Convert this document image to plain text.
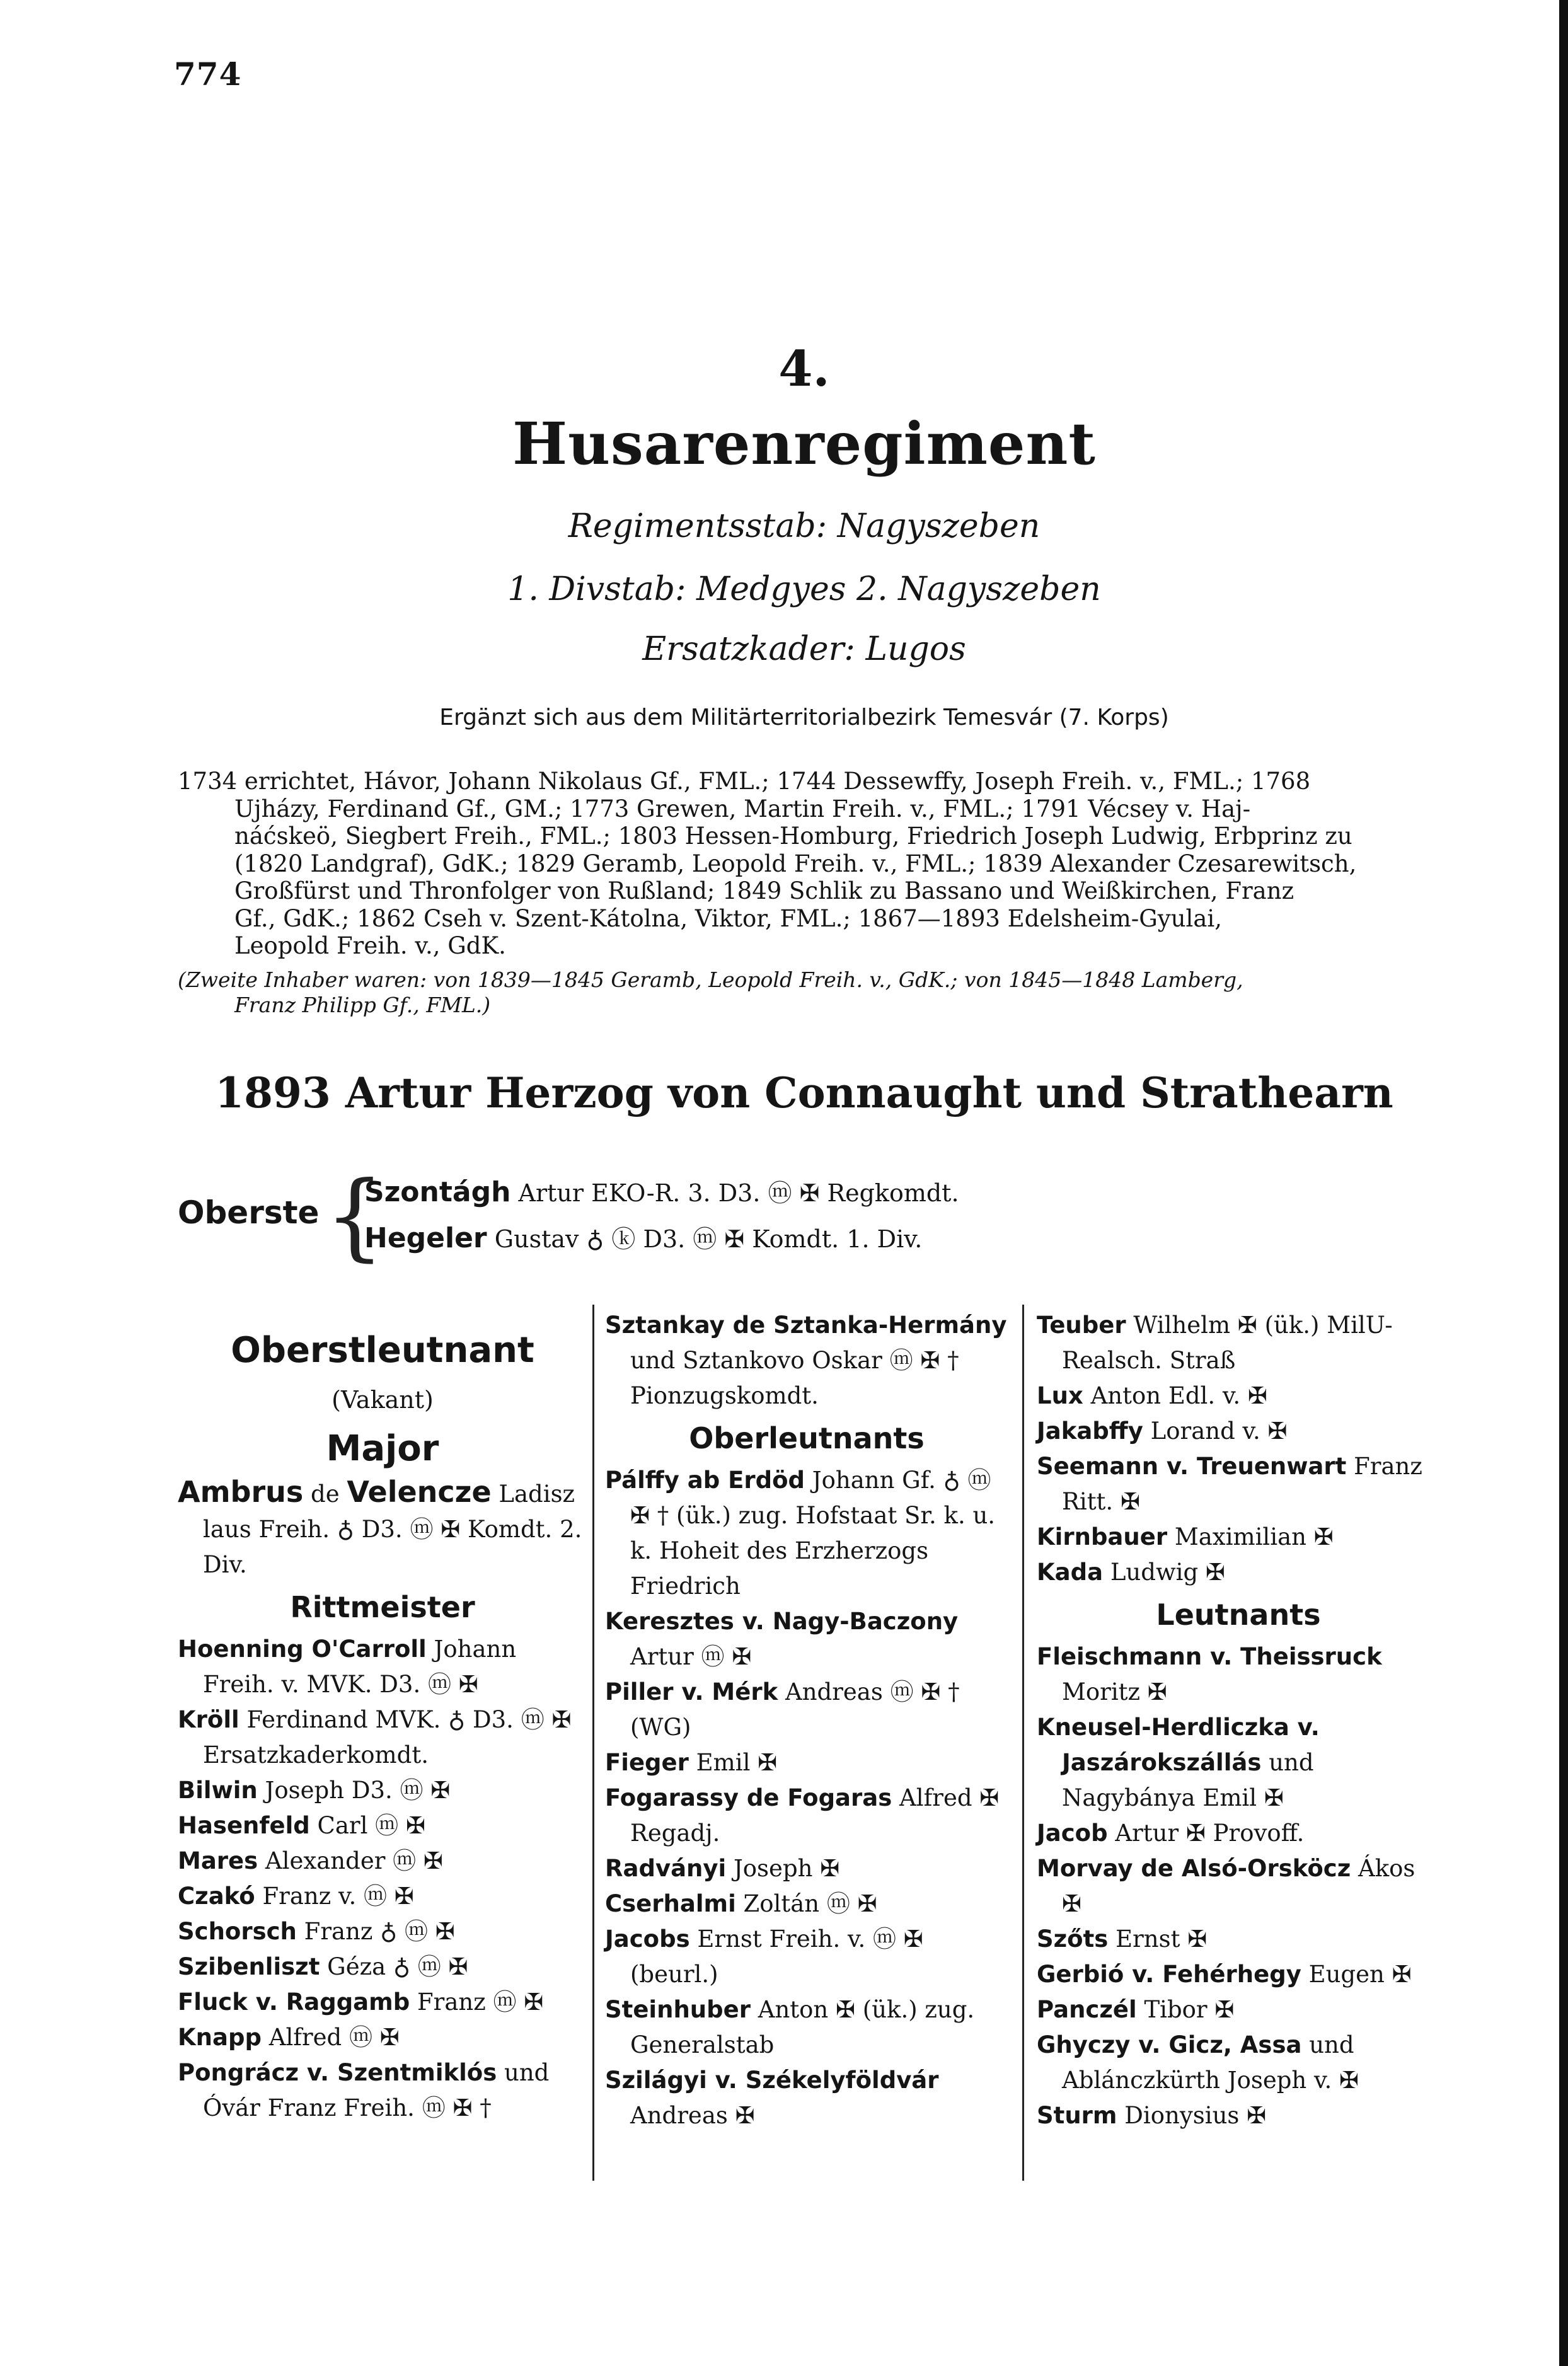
774
4.
Husarenregiment
Regimentsstab: Nagyszeben
1. Divstab: Medgyes 2. Nagyszeben
Ersatzkader: Lugos
Ergänzt sich aus dem Militärterritorialbezirk Temesvár (7. Korps)
1734 errichtet, Hávor, Johann Nikolaus Gf., FML.; 1744 Dessewffy, Joseph Freih. v., FML.; 1768
Ujházy, Ferdinand Gf., GM.; 1773 Grewen, Martin Freih. v., FML.; 1791 Vécsey v. Haj-
náćskeö, Siegbert Freih., FML.; 1803 Hessen-Homburg, Friedrich Joseph Ludwig, Erbprinz zu
(1820 Landgraf), GdK.; 1829 Geramb, Leopold Freih. v., FML.; 1839 Alexander Czesarewitsch,
Großfürst und Thronfolger von Rußland; 1849 Schlik zu Bassano und Weißkirchen, Franz
Gf., GdK.; 1862 Cseh v. Szent-Kátolna, Viktor, FML.; 1867—1893 Edelsheim-Gyulai,
Leopold Freih. v., GdK.
(Zweite Inhaber waren: von 1839—1845 Geramb, Leopold Freih. v., GdK.; von 1845—1848 Lamberg,
Franz Philipp Gf., FML.)
1893 Artur Herzog von Connaught und Strathearn
Oberste {
Szontágh Artur EKO-R. 3. D3. ⓜ ✠ Regkomdt.
Hegeler Gustav ♁ ⓚ D3. ⓜ ✠ Komdt. 1. Div.
Oberstleutnant
(Vakant)
Major
Ambrus de Velencze Ladisz laus Freih. ♁ D3. ⓜ ✠ Komdt. 2. Div.
Rittmeister
Hoenning O'Carroll Johann Freih. v. MVK. D3. ⓜ ✠
Kröll Ferdinand MVK. ♁ D3. ⓜ ✠ Ersatzkaderkomdt.
Bilwin Joseph D3. ⓜ ✠
Hasenfeld Carl ⓜ ✠
Mares Alexander ⓜ ✠
Czakó Franz v. ⓜ ✠
Schorsch Franz ♁ ⓜ ✠
Szibenliszt Géza ♁ ⓜ ✠
Fluck v. Raggamb Franz ⓜ ✠
Knapp Alfred ⓜ ✠
Pongrácz v. Szentmiklós und Óvár Franz Freih. ⓜ ✠ †
Sztankay de Sztanka-Hermány und Sztankovo Oskar ⓜ ✠ † Pionzugskomdt.
Oberleutnants
Pálffy ab Erdöd Johann Gf. ♁ ⓜ ✠ † (ük.) zug. Hofstaat Sr. k. u. k. Hoheit des Erzherzogs Friedrich
Keresztes v. Nagy-Baczony Artur ⓜ ✠
Piller v. Mérk Andreas ⓜ ✠ † (WG)
Fieger Emil ✠
Fogarassy de Fogaras Alfred ✠ Regadj.
Radványi Joseph ✠
Cserhalmi Zoltán ⓜ ✠
Jacobs Ernst Freih. v. ⓜ ✠ (beurl.)
Steinhuber Anton ✠ (ük.) zug. Generalstab
Szilágyi v. Székelyföldvár Andreas ✠
Teuber Wilhelm ✠ (ük.) MilU-Realsch. Straß
Lux Anton Edl. v. ✠
Jakabffy Lorand v. ✠
Seemann v. Treuenwart Franz Ritt. ✠
Kirnbauer Maximilian ✠
Kada Ludwig ✠
Leutnants
Fleischmann v. Theissruck Moritz ✠
Kneusel-Herdliczka v. Jaszárokszállás und Nagybánya Emil ✠
Jacob Artur ✠ Provoff.
Morvay de Alsó-Orsköcz Ákos ✠
Szőts Ernst ✠
Gerbió v. Fehérhegy Eugen ✠
Panczél Tibor ✠
Ghyczy v. Gicz, Assa und Ablánczkürth Joseph v. ✠
Sturm Dionysius ✠
